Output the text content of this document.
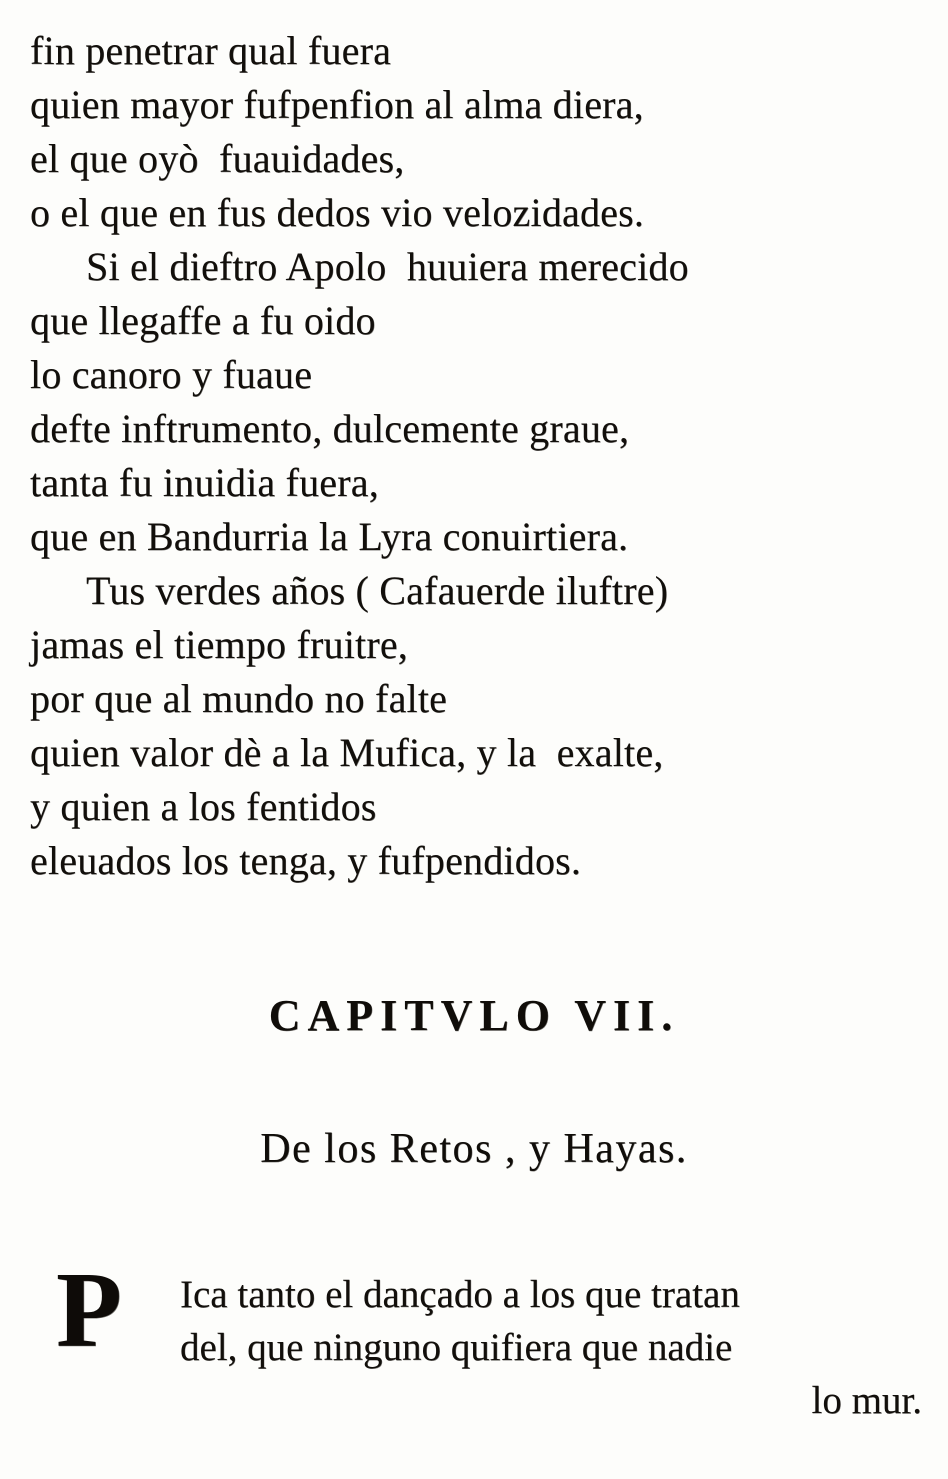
fin penetrar qual fuera
quien mayor fufpenfion al alma diera,
el que oyò  fuauidades,
o el que en fus dedos vio velozidades.
Si el dieftro Apolo  huuiera merecido
que llegaffe a fu oido
lo canoro y fuaue
defte inftrumento, dulcemente graue,
tanta fu inuidia fuera,
que en Bandurria la Lyra conuirtiera.
Tus verdes años ( Cafauerde iluftre)
jamas el tiempo fruitre,
por que al mundo no falte
quien valor dè a la Mufica, y la  exalte,
y quien a los fentidos
eleuados los tenga, y fufpendidos.
CAPITVLO VII.
De los Retos , y Hayas.
P	Ica tanto el dançado a los que tratan
del, que ninguno quifiera que nadie
lo mur.
